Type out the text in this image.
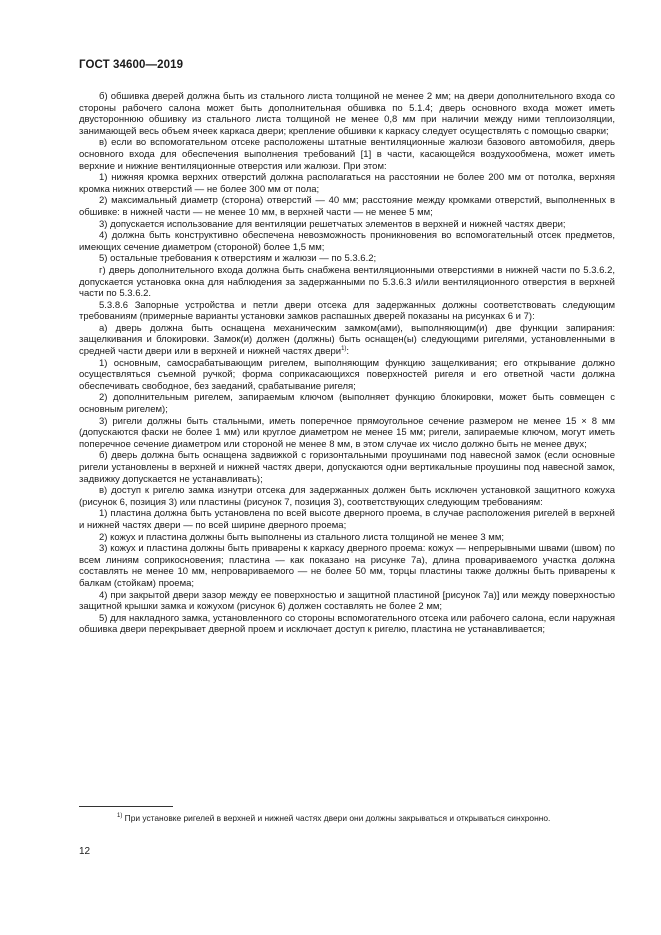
ГОСТ 34600—2019

б) обшивка дверей должна быть из стального листа толщиной не менее 2 мм; на двери дополнительного входа со стороны рабочего салона может быть дополнительная обшивка по 5.1.4; дверь основного входа может иметь двустороннюю обшивку из стального листа толщиной не менее 0,8 мм при наличии между ними теплоизоляции, занимающей весь объем ячеек каркаса двери; крепление обшивки к каркасу следует осуществлять с помощью сварки;

в) если во вспомогательном отсеке расположены штатные вентиляционные жалюзи базового автомобиля, дверь основного входа для обеспечения выполнения требований [1] в части, касающейся воздухообмена, может иметь верхние и нижние вентиляционные отверстия или жалюзи. При этом:

1) нижняя кромка верхних отверстий должна располагаться на расстоянии не более 200 мм от потолка, верхняя кромка нижних отверстий — не более 300 мм от пола;

2) максимальный диаметр (сторона) отверстий — 40 мм; расстояние между кромками отверстий, выполненных в обшивке: в нижней части — не менее 10 мм, в верхней части — не менее 5 мм;

3) допускается использование для вентиляции решетчатых элементов в верхней и нижней частях двери;

4) должна быть конструктивно обеспечена невозможность проникновения во вспомогательный отсек предметов, имеющих сечение диаметром (стороной) более 1,5 мм;

5) остальные требования к отверстиям и жалюзи — по 5.3.6.2;

г) дверь дополнительного входа должна быть снабжена вентиляционными отверстиями в нижней части по 5.3.6.2, допускается установка окна для наблюдения за задержанными по 5.3.6.3 и/или вентиляционного отверстия в верхней части по 5.3.6.2.

5.3.8.6 Запорные устройства и петли двери отсека для задержанных должны соответствовать следующим требованиям (примерные варианты установки замков распашных дверей показаны на рисунках 6 и 7):

а) дверь должна быть оснащена механическим замком(ами), выполняющим(и) две функции запирания: защелкивания и блокировки. Замок(и) должен (должны) быть оснащен(ы) следующими ригелями, установленными в средней части двери или в верхней и нижней частях двери$^{1)}$:

1) основным, самосрабатывающим ригелем, выполняющим функцию защелкивания; его открывание должно осуществляться съемной ручкой; форма соприкасающихся поверхностей ригеля и его ответной части должна обеспечивать свободное, без заеданий, срабатывание ригеля;

2) дополнительным ригелем, запираемым ключом (выполняет функцию блокировки, может быть совмещен с основным ригелем);

3) ригели должны быть стальными, иметь поперечное прямоугольное сечение размером не менее 15 × 8 мм (допускаются фаски не более 1 мм) или круглое диаметром не менее 15 мм; ригели, запираемые ключом, могут иметь поперечное сечение диаметром или стороной не менее 8 мм, в этом случае их число должно быть не менее двух;

б) дверь должна быть оснащена задвижкой с горизонтальными проушинами под навесной замок (если основные ригели установлены в верхней и нижней частях двери, допускаются одни вертикальные проушины под навесной замок, задвижку допускается не устанавливать);

в) доступ к ригелю замка изнутри отсека для задержанных должен быть исключен установкой защитного кожуха (рисунок 6, позиция 3) или пластины (рисунок 7, позиция 3), соответствующих следующим требованиям:

1) пластина должна быть установлена по всей высоте дверного проема, в случае расположения ригелей в верхней и нижней частях двери — по всей ширине дверного проема;

2) кожух и пластина должны быть выполнены из стального листа толщиной не менее 3 мм;

3) кожух и пластина должны быть приварены к каркасу дверного проема: кожух — непрерывными швами (швом) по всем линиям соприкосновения; пластина — как показано на рисунке 7а), длина провариваемого участка должна составлять не менее 10 мм, непровариваемого — не более 50 мм, торцы пластины также должны быть приварены к балкам (стойкам) проема;

4) при закрытой двери зазор между ее поверхностью и защитной пластиной [рисунок 7а)] или между поверхностью защитной крышки замка и кожухом (рисунок 6) должен составлять не более 2 мм;

5) для накладного замка, установленного со стороны вспомогательного отсека или рабочего салона, если наружная обшивка двери перекрывает дверной проем и исключает доступ к ригелю, пластина не устанавливается;

$^{1)}$ При установке ригелей в верхней и нижней частях двери они должны закрываться и открываться синхронно.

12
